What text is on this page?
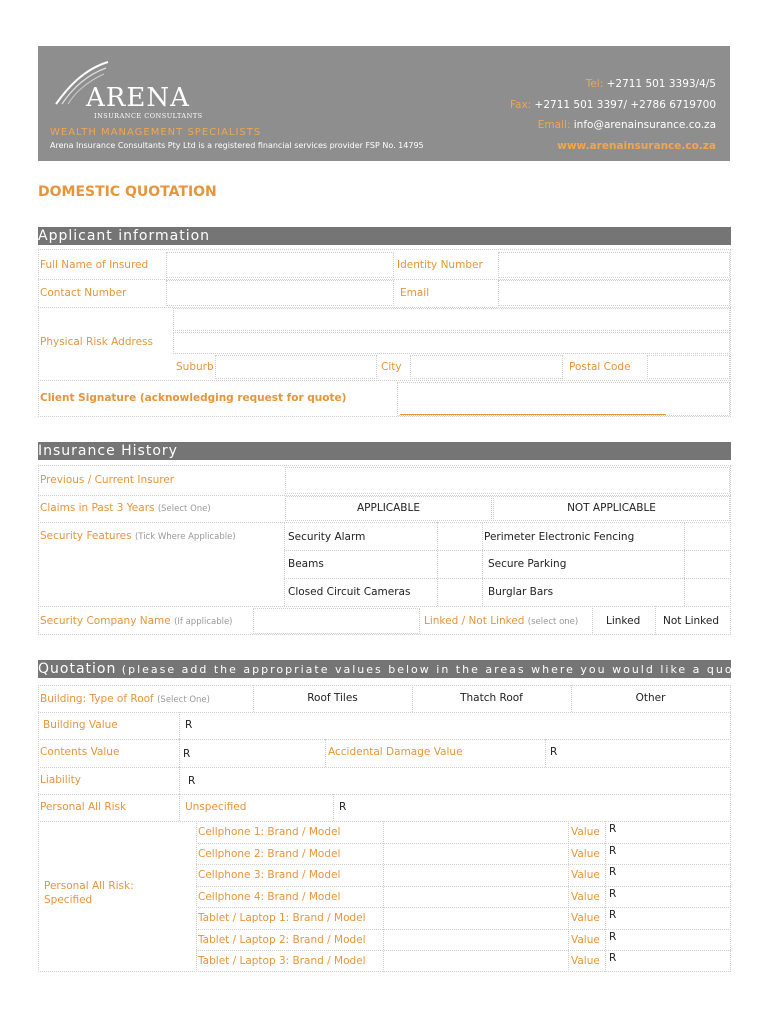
ARENA
INSURANCE CONSULTANTS
WEALTH MANAGEMENT SPECIALISTS
Arena Insurance Consultants Pty Ltd is a registered financial services provider FSP No. 14795
Tel: +2711 501 3393/4/5
Fax: +2711 501 3397/ +2786 6719700
Email: info@arenainsurance.co.za
www.arenainsurance.co.za
DOMESTIC QUOTATION
Applicant information
Full Name of Insured	Identity Number
Contact Number	Email
Physical Risk Address
Suburb	City	Postal Code
Client Signature (acknowledging request for quote)
Insurance History
Previous / Current Insurer
Claims in Past 3 Years (Select One)	APPLICABLE	NOT APPLICABLE
Security Features (Tick Where Applicable)	Security Alarm	Perimeter Electronic Fencing
Beams	Secure Parking
Closed Circuit Cameras	Burglar Bars
Security Company Name (If applicable)	Linked / Not Linked (select one)	Linked Not Linked
Quotation (please add the appropriate values below in the areas where you would like a quote)
Building: Type of Roof (Select One)	Roof Tiles	Thatch Roof	Other
Building Value	R
Contents Value	R	Accidental Damage Value	R
Liability	R
Personal All Risk	Unspecified	R
Personal All Risk: Specified
Cellphone 1: Brand / Model	Value R
Cellphone 2: Brand / Model	Value R
Cellphone 3: Brand / Model	Value R
Cellphone 4: Brand / Model	Value R
Tablet / Laptop 1: Brand / Model	Value R
Tablet / Laptop 2: Brand / Model	Value R
Tablet / Laptop 3: Brand / Model	Value R
